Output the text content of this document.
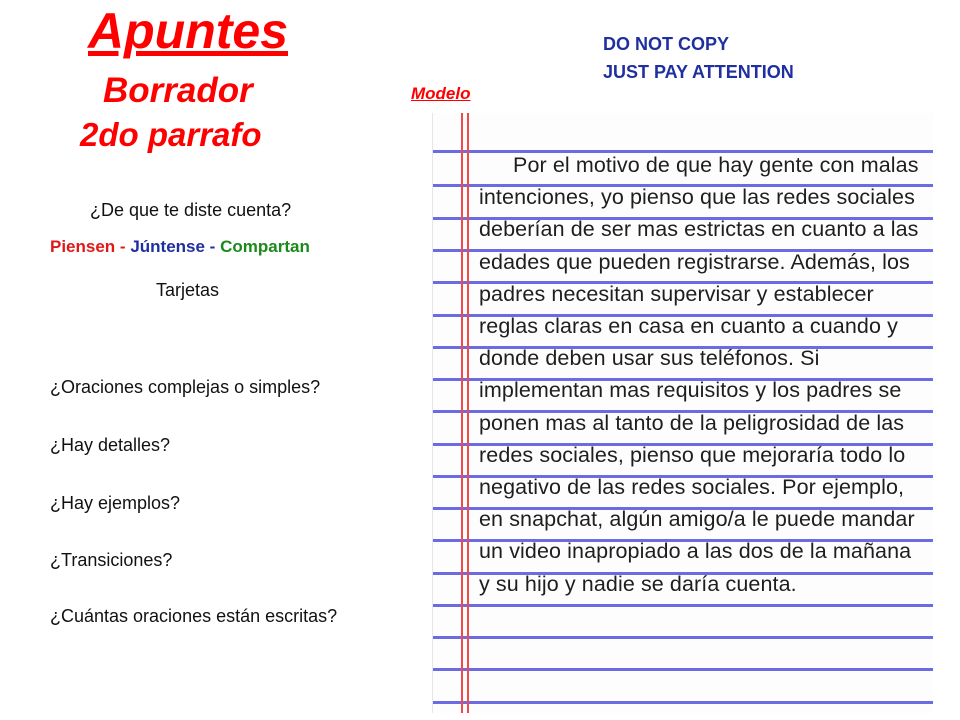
Apuntes
Borrador
2do parrafo
DO NOT COPY
JUST PAY ATTENTION
Modelo
¿De que te diste cuenta?
Piensen - Júntense - Compartan
Tarjetas
¿Oraciones complejas o simples?
¿Hay detalles?
¿Hay ejemplos?
¿Transiciones?
¿Cuántas oraciones están escritas?
Por el motivo de que hay gente con malas intenciones, yo pienso que las redes sociales deberían de ser mas estrictas en cuanto a las edades que pueden registrarse. Además, los padres necesitan supervisar y establecer reglas claras en casa en cuanto a cuando y donde deben usar sus teléfonos. Si implementan mas requisitos y los padres se ponen mas al tanto de la peligrosidad de las redes sociales, pienso que mejoraría todo lo negativo de las redes sociales. Por ejemplo, en snapchat, algún amigo/a le puede mandar un video inapropiado a las dos de la mañana y su hijo y nadie se daría cuenta.
